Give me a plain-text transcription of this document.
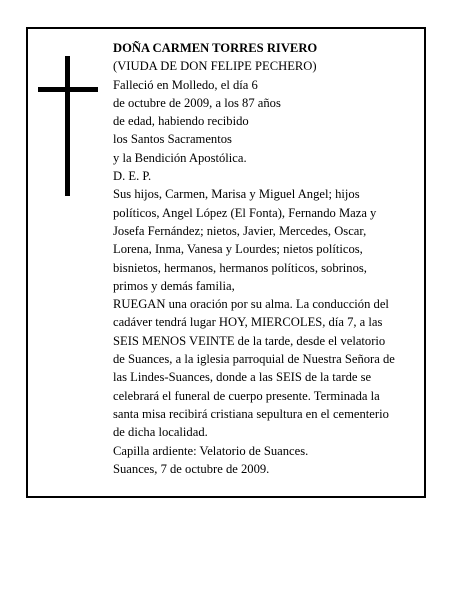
DOÑA CARMEN TORRES RIVERO
(VIUDA DE DON FELIPE PECHERO)
Falleció en Molledo, el día 6
de octubre de 2009, a los 87 años
de edad, habiendo recibido
los Santos Sacramentos
y la Bendición Apostólica.
D. E. P.
Sus hijos, Carmen, Marisa y Miguel Angel; hijos
políticos, Angel López (El Fonta), Fernando Maza y
Josefa Fernández; nietos, Javier, Mercedes, Oscar,
Lorena, Inma, Vanesa y Lourdes; nietos políticos,
bisnietos, hermanos, hermanos políticos, sobrinos,
primos y demás familia,
RUEGAN una oración por su alma. La conducción del
cadáver tendrá lugar HOY, MIERCOLES, día 7, a las
SEIS MENOS VEINTE de la tarde, desde el velatorio
de Suances, a la iglesia parroquial de Nuestra Señora de
las Lindes-Suances, donde a las SEIS de la tarde se
celebrará el funeral de cuerpo presente. Terminada la
santa misa recibirá cristiana sepultura en el cementerio
de dicha localidad.
Capilla ardiente: Velatorio de Suances.
Suances, 7 de octubre de 2009.
